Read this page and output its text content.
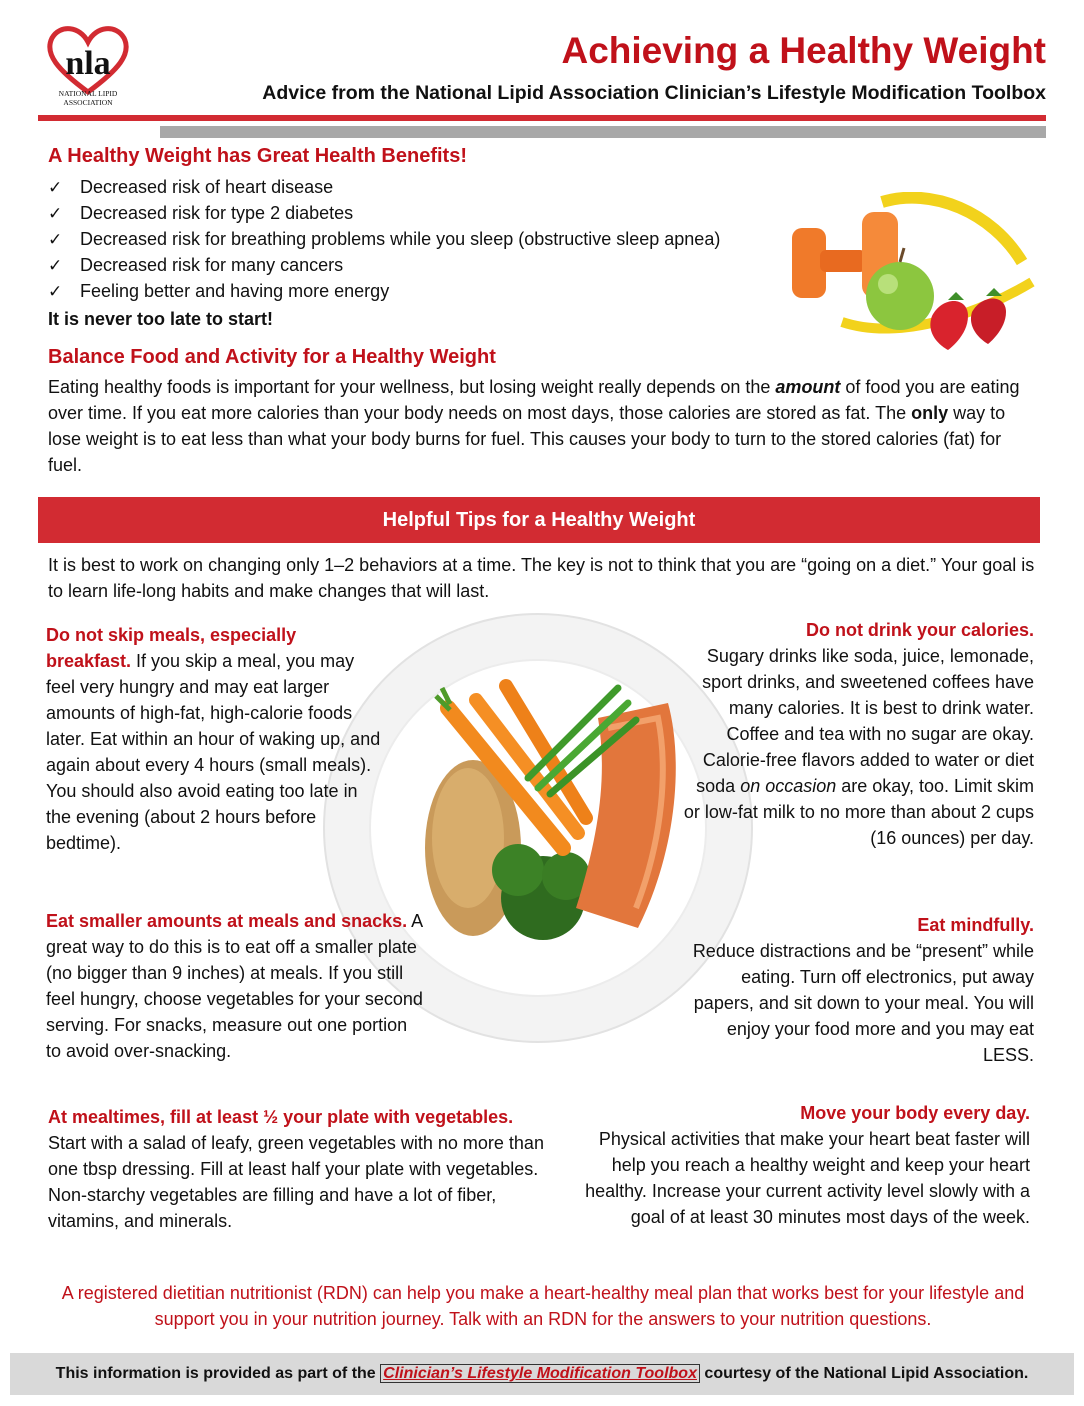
nla
NATIONAL LIPID
ASSOCIATION
Achieving a Healthy Weight
Advice from the National Lipid Association Clinician’s Lifestyle Modification Toolbox
A Healthy Weight has Great Health Benefits!
✓ Decreased risk of heart disease
✓ Decreased risk for type 2 diabetes
✓ Decreased risk for breathing problems while you sleep (obstructive sleep apnea)
✓ Decreased risk for many cancers
✓ Feeling better and having more energy
It is never too late to start!
Balance Food and Activity for a Healthy Weight
Eating healthy foods is important for your wellness, but losing weight really depends on the amount of food you are eating over time. If you eat more calories than your body needs on most days, those calories are stored as fat. The only way to lose weight is to eat less than what your body burns for fuel. This causes your body to turn to the stored calories (fat) for fuel.
Helpful Tips for a Healthy Weight
It is best to work on changing only 1–2 behaviors at a time. The key is not to think that you are “going on a diet.” Your goal is to learn life-long habits and make changes that will last.
Do not skip meals, especially breakfast. If you skip a meal, you may feel very hungry and may eat larger amounts of high-fat, high-calorie foods later. Eat within an hour of waking up, and again about every 4 hours (small meals). You should also avoid eating too late in the evening (about 2 hours before bedtime).
Do not drink your calories.
Sugary drinks like soda, juice, lemonade, sport drinks, and sweetened coffees have many calories. It is best to drink water. Coffee and tea with no sugar are okay. Calorie-free flavors added to water or diet soda on occasion are okay, too. Limit skim or low-fat milk to no more than about 2 cups (16 ounces) per day.
Eat smaller amounts at meals and snacks. A great way to do this is to eat off a smaller plate (no bigger than 9 inches) at meals. If you still feel hungry, choose vegetables for your second serving. For snacks, measure out one portion to avoid over-snacking.
Eat mindfully.
Reduce distractions and be “present” while eating. Turn off electronics, put away papers, and sit down to your meal. You will enjoy your food more and you may eat LESS.
At mealtimes, fill at least ½ your plate with vegetables.
Start with a salad of leafy, green vegetables with no more than one tbsp dressing. Fill at least half your plate with vegetables. Non-starchy vegetables are filling and have a lot of fiber, vitamins, and minerals.
Move your body every day.
Physical activities that make your heart beat faster will help you reach a healthy weight and keep your heart healthy. Increase your current activity level slowly with a goal of at least 30 minutes most days of the week.
A registered dietitian nutritionist (RDN) can help you make a heart-healthy meal plan that works best for your lifestyle and support you in your nutrition journey. Talk with an RDN for the answers to your nutrition questions.
This information is provided as part of the Clinician’s Lifestyle Modification Toolbox courtesy of the National Lipid Association.
